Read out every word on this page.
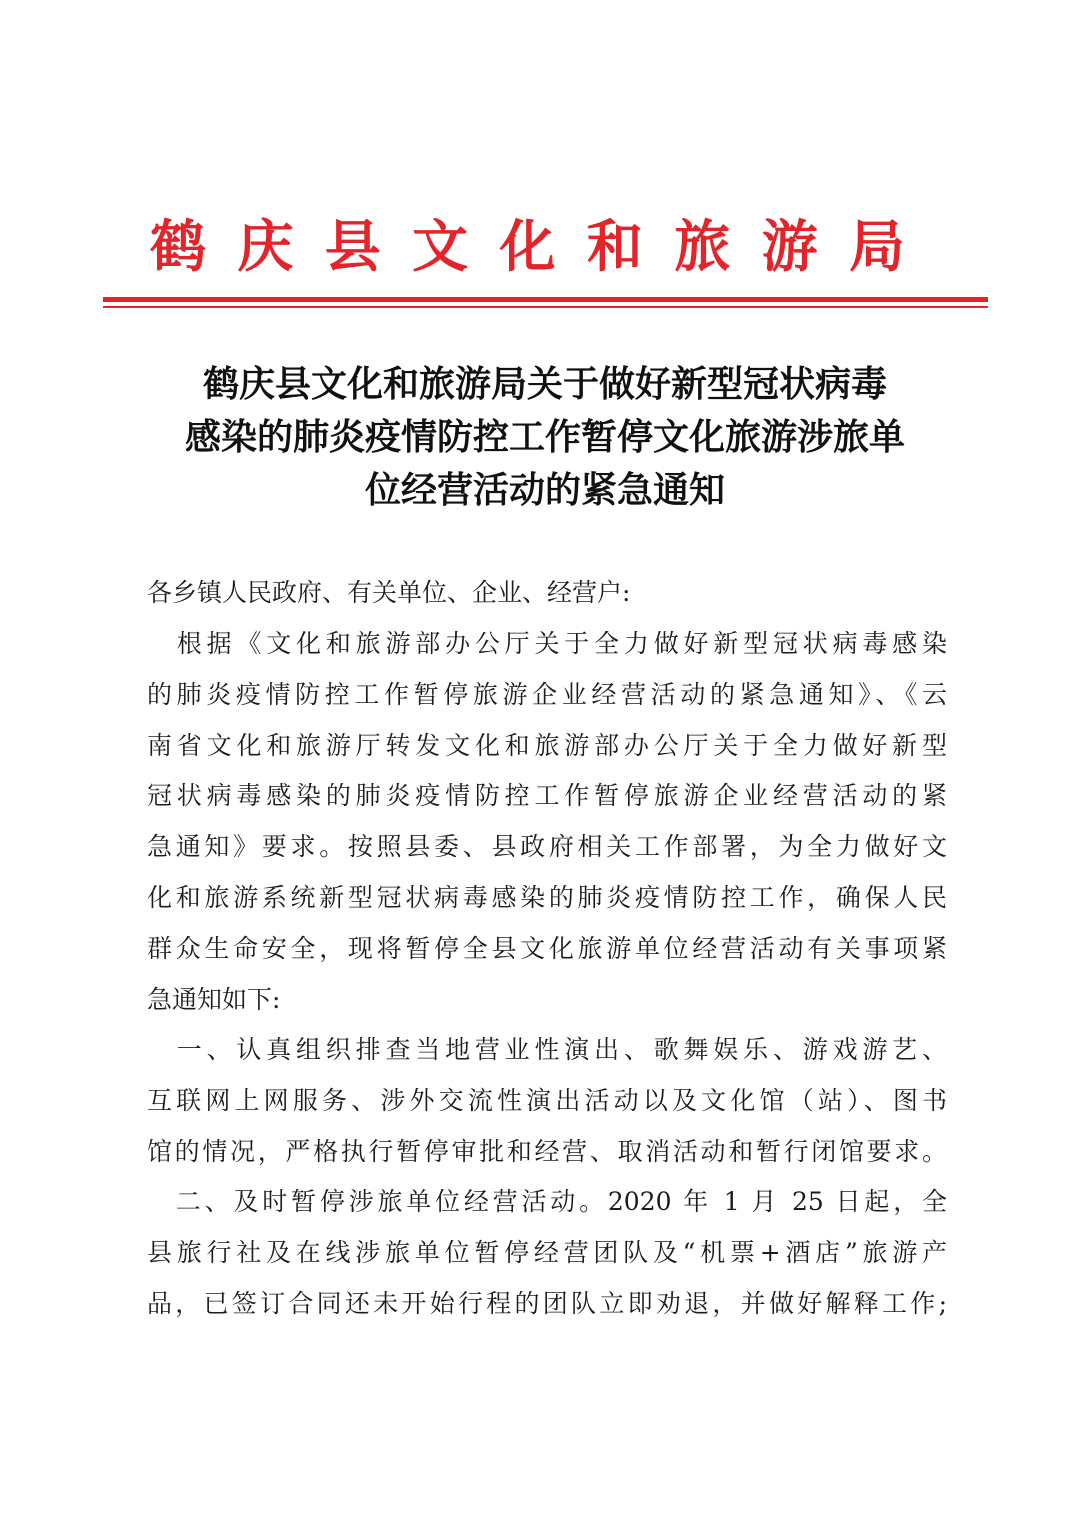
鹤 庆 县 文 化 和 旅 游 局
鹤庆县文化和旅游局关于做好新型冠状病毒
感染的肺炎疫情防控工作暂停文化旅游涉旅单
位经营活动的紧急通知
各乡镇人民政府、有关单位、企业、经营户:
　根据《文化和旅游部办公厅关于全力做好新型冠状病毒感染
的肺炎疫情防控工作暂停旅游企业经营活动的紧急通知》、《云
南省文化和旅游厅转发文化和旅游部办公厅关于全力做好新型
冠状病毒感染的肺炎疫情防控工作暂停旅游企业经营活动的紧
急通知》要求。按照县委、县政府相关工作部署，为全力做好文
化和旅游系统新型冠状病毒感染的肺炎疫情防控工作，确保人民
群众生命安全，现将暂停全县文化旅游单位经营活动有关事项紧
急通知如下:
　一、认真组织排查当地营业性演出、歌舞娱乐、游戏游艺、
互联网上网服务、涉外交流性演出活动以及文化馆（站）、图书
馆的情况，严格执行暂停审批和经营、取消活动和暂行闭馆要求。
　二、及时暂停涉旅单位经营活动。2020 年 1 月 25 日起，全
县旅行社及在线涉旅单位暂停经营团队及“机票+酒店”旅游产
品，已签订合同还未开始行程的团队立即劝退，并做好解释工作;
